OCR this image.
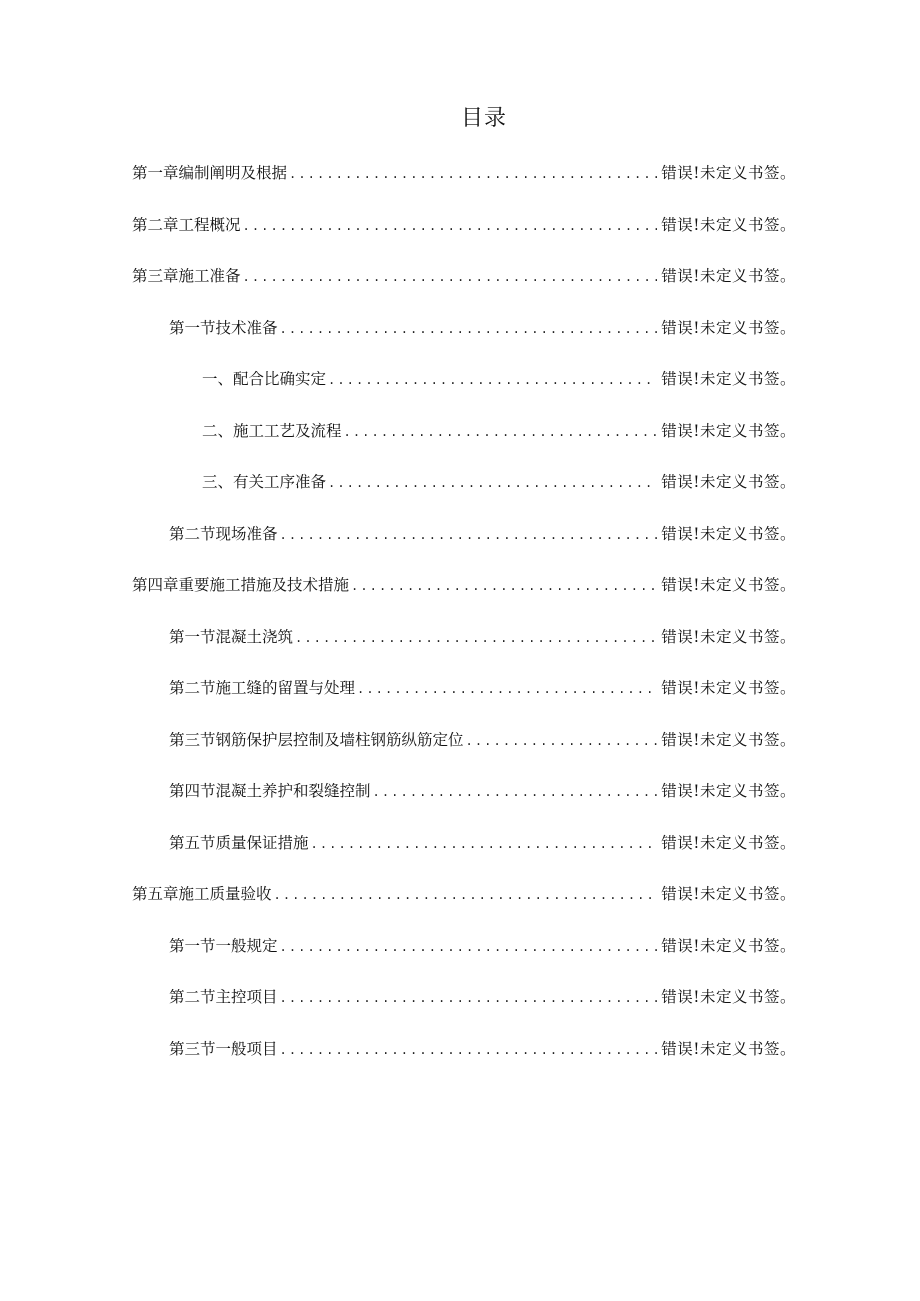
目录
第一章编制阐明及根据 .....	错误!未定义书签。
第二章工程概况 .....	错误!未定义书签。
第三章施工准备 .....	错误!未定义书签。
第一节技术准备 .....	错误!未定义书签。
一、配合比确实定 .....	错误!未定义书签。
二、施工工艺及流程 .....	错误!未定义书签。
三、有关工序准备 .....	错误!未定义书签。
第二节现场准备 .....	错误!未定义书签。
第四章重要施工措施及技术措施 .....	错误!未定义书签。
第一节混凝土浇筑 .....	错误!未定义书签。
第二节施工缝的留置与处理 .....	错误!未定义书签。
第三节钢筋保护层控制及墙柱钢筋纵筋定位 .....	错误!未定义书签。
第四节混凝土养护和裂缝控制 .....	错误!未定义书签。
第五节质量保证措施 .....	错误!未定义书签。
第五章施工质量验收 .....	错误!未定义书签。
第一节一般规定 .....	错误!未定义书签。
第二节主控项目 .....	错误!未定义书签。
第三节一般项目 .....	错误!未定义书签。
